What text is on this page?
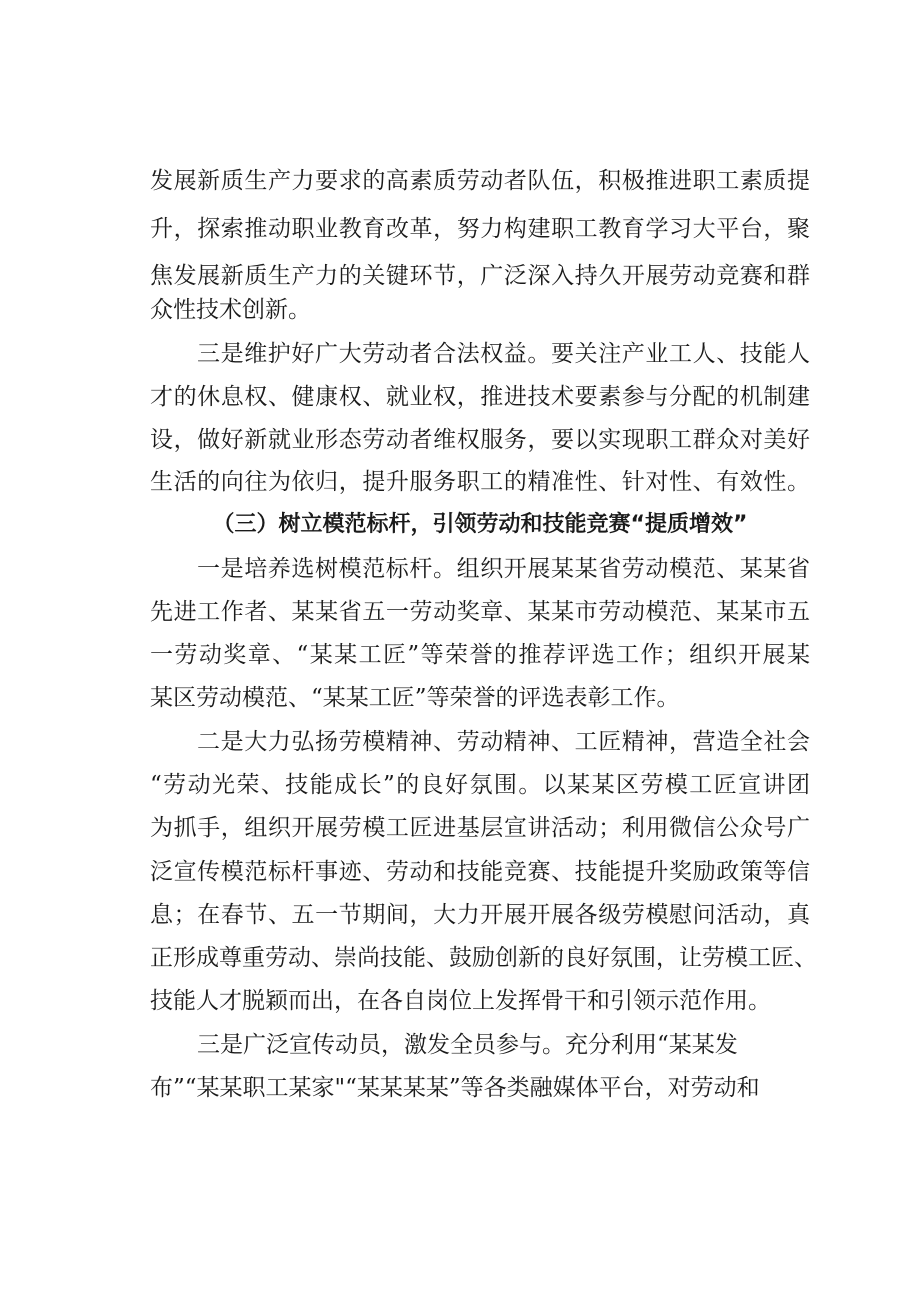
发展新质生产力要求的高素质劳动者队伍，积极推进职工素质提
升，探索推动职业教育改革，努力构建职工教育学习大平台，聚
焦发展新质生产力的关键环节，广泛深入持久开展劳动竞赛和群
众性技术创新。
三是维护好广大劳动者合法权益。要关注产业工人、技能人
才的休息权、健康权、就业权，推进技术要素参与分配的机制建
设，做好新就业形态劳动者维权服务，要以实现职工群众对美好
生活的向往为依归，提升服务职工的精准性、针对性、有效性。
（三）树立模范标杆，引领劳动和技能竞赛“提质增效”
一是培养选树模范标杆。组织开展某某省劳动模范、某某省
先进工作者、某某省五一劳动奖章、某某市劳动模范、某某市五
一劳动奖章、“某某工匠”等荣誉的推荐评选工作；组织开展某
某区劳动模范、“某某工匠”等荣誉的评选表彰工作。
二是大力弘扬劳模精神、劳动精神、工匠精神，营造全社会
“劳动光荣、技能成长”的良好氛围。以某某区劳模工匠宣讲团
为抓手，组织开展劳模工匠进基层宣讲活动；利用微信公众号广
泛宣传模范标杆事迹、劳动和技能竞赛、技能提升奖励政策等信
息；在春节、五一节期间，大力开展开展各级劳模慰问活动，真
正形成尊重劳动、崇尚技能、鼓励创新的良好氛围，让劳模工匠、
技能人才脱颖而出，在各自岗位上发挥骨干和引领示范作用。
三是广泛宣传动员，激发全员参与。充分利用“某某发
布”“某某职工某家"“某某某某”等各类融媒体平台，对劳动和
